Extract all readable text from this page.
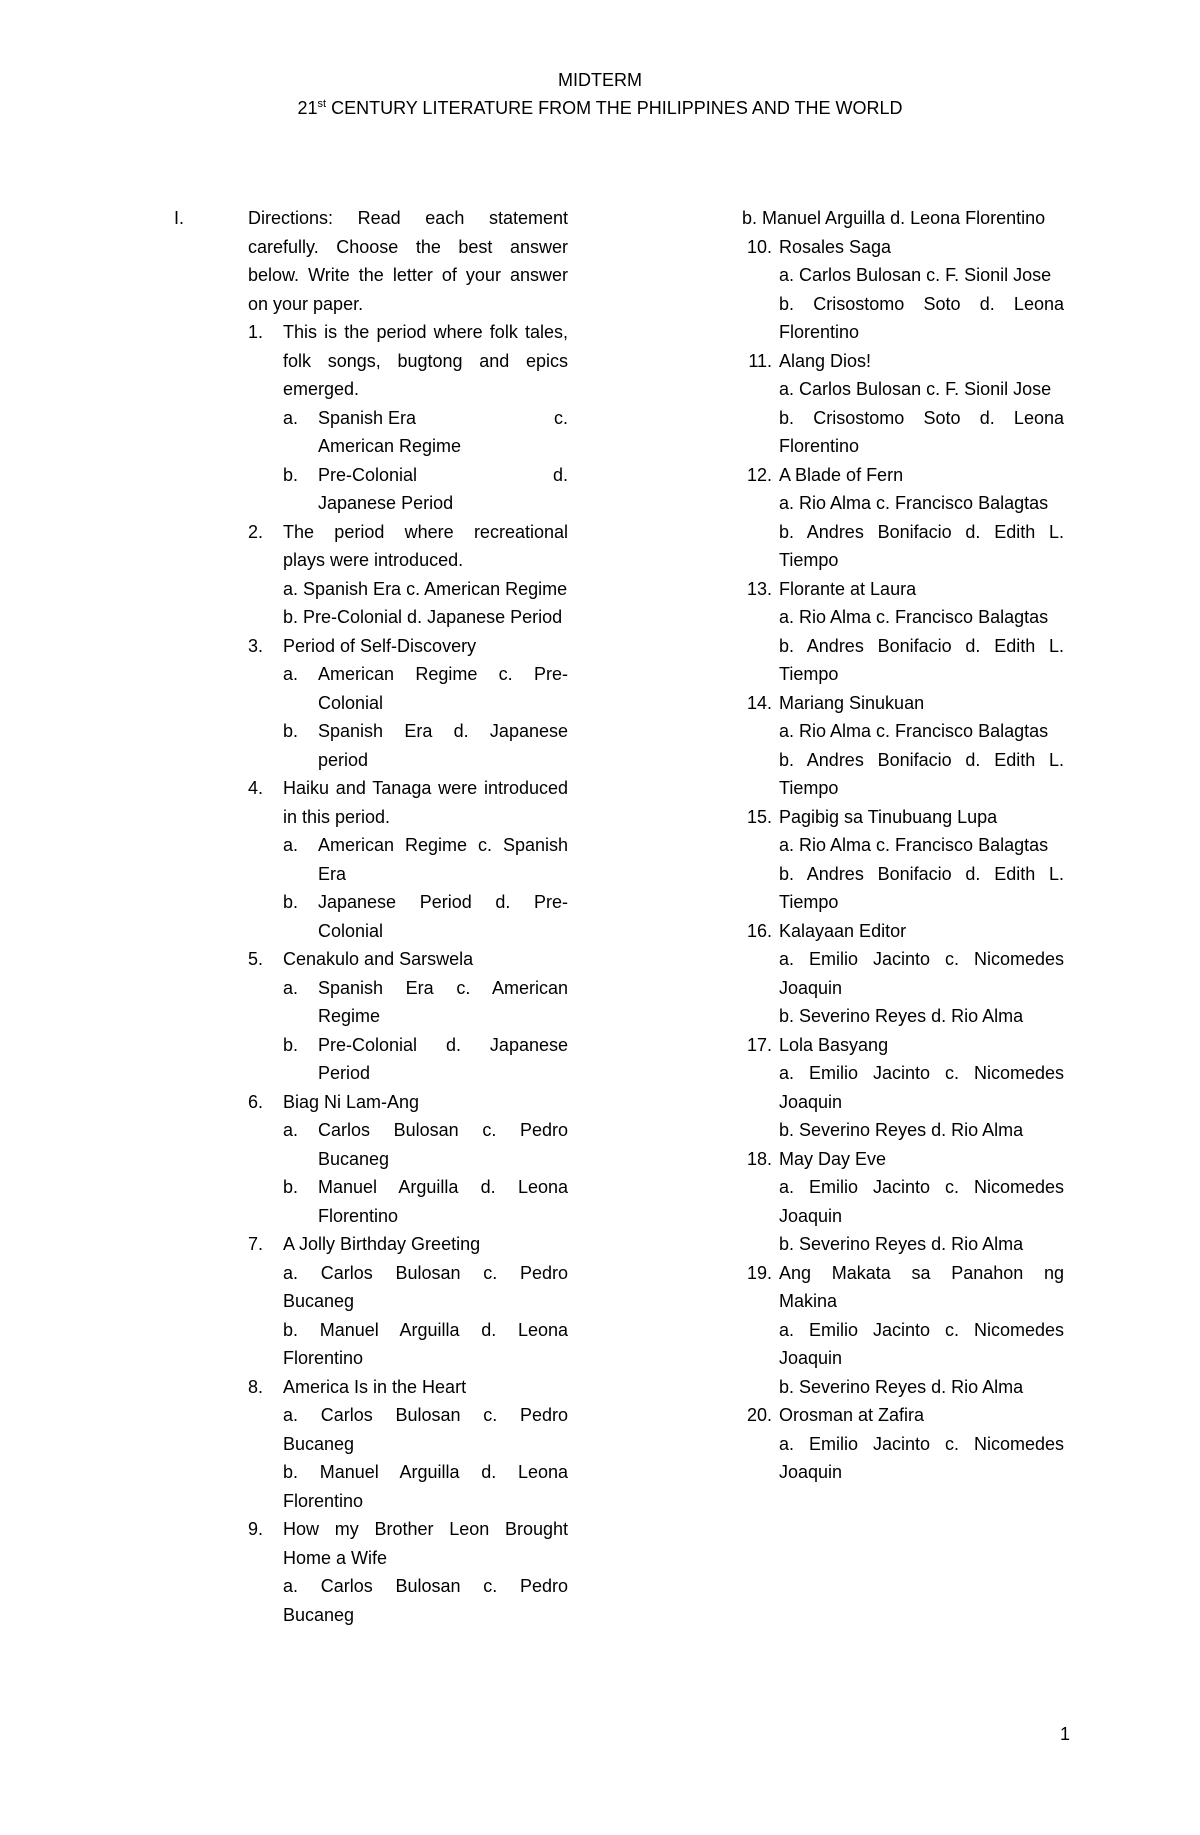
MIDTERM
21st CENTURY LITERATURE FROM THE PHILIPPINES AND THE WORLD
I.	Directions: Read each statement carefully. Choose the best answer below. Write the letter of your answer on your paper.
1. This is the period where folk tales, folk songs, bugtong and epics emerged.
a. Spanish Era	c.
American Regime
b. Pre-Colonial	d.
Japanese Period
2. The period where recreational plays were introduced.
a. Spanish Era c. American Regime
b. Pre-Colonial d. Japanese Period
3. Period of Self-Discovery
a. American Regime c. Pre-Colonial
b. Spanish Era d. Japanese period
4. Haiku and Tanaga were introduced in this period.
a. American Regime c. Spanish Era
b. Japanese Period d. Pre-Colonial
5. Cenakulo and Sarswela
a. Spanish Era c. American Regime
b. Pre-Colonial d. Japanese Period
6. Biag Ni Lam-Ang
a. Carlos Bulosan c. Pedro Bucaneg
b. Manuel Arguilla d. Leona Florentino
7. A Jolly Birthday Greeting
a. Carlos Bulosan c. Pedro Bucaneg
b. Manuel Arguilla d. Leona Florentino
8. America Is in the Heart
a. Carlos Bulosan c. Pedro Bucaneg
b. Manuel Arguilla d. Leona Florentino
9. How my Brother Leon Brought Home a Wife
a. Carlos Bulosan c. Pedro Bucaneg
b. Manuel Arguilla d. Leona Florentino
10. Rosales Saga
a. Carlos Bulosan c. F. Sionil Jose
b. Crisostomo Soto d. Leona Florentino
11. Alang Dios!
a. Carlos Bulosan c. F. Sionil Jose
b. Crisostomo Soto d. Leona Florentino
12. A Blade of Fern
a. Rio Alma c. Francisco Balagtas
b. Andres Bonifacio d. Edith L. Tiempo
13. Florante at Laura
a. Rio Alma c. Francisco Balagtas
b. Andres Bonifacio d. Edith L. Tiempo
14. Mariang Sinukuan
a. Rio Alma c. Francisco Balagtas
b. Andres Bonifacio d. Edith L. Tiempo
15. Pagibig sa Tinubuang Lupa
a. Rio Alma c. Francisco Balagtas
b. Andres Bonifacio d. Edith L. Tiempo
16. Kalayaan Editor
a. Emilio Jacinto c. Nicomedes Joaquin
b. Severino Reyes d. Rio Alma
17. Lola Basyang
a. Emilio Jacinto c. Nicomedes Joaquin
b. Severino Reyes d. Rio Alma
18. May Day Eve
a. Emilio Jacinto c. Nicomedes Joaquin
b. Severino Reyes d. Rio Alma
19. Ang Makata sa Panahon ng Makina
a. Emilio Jacinto c. Nicomedes Joaquin
b. Severino Reyes d. Rio Alma
20. Orosman at Zafira
a. Emilio Jacinto c. Nicomedes Joaquin
1
